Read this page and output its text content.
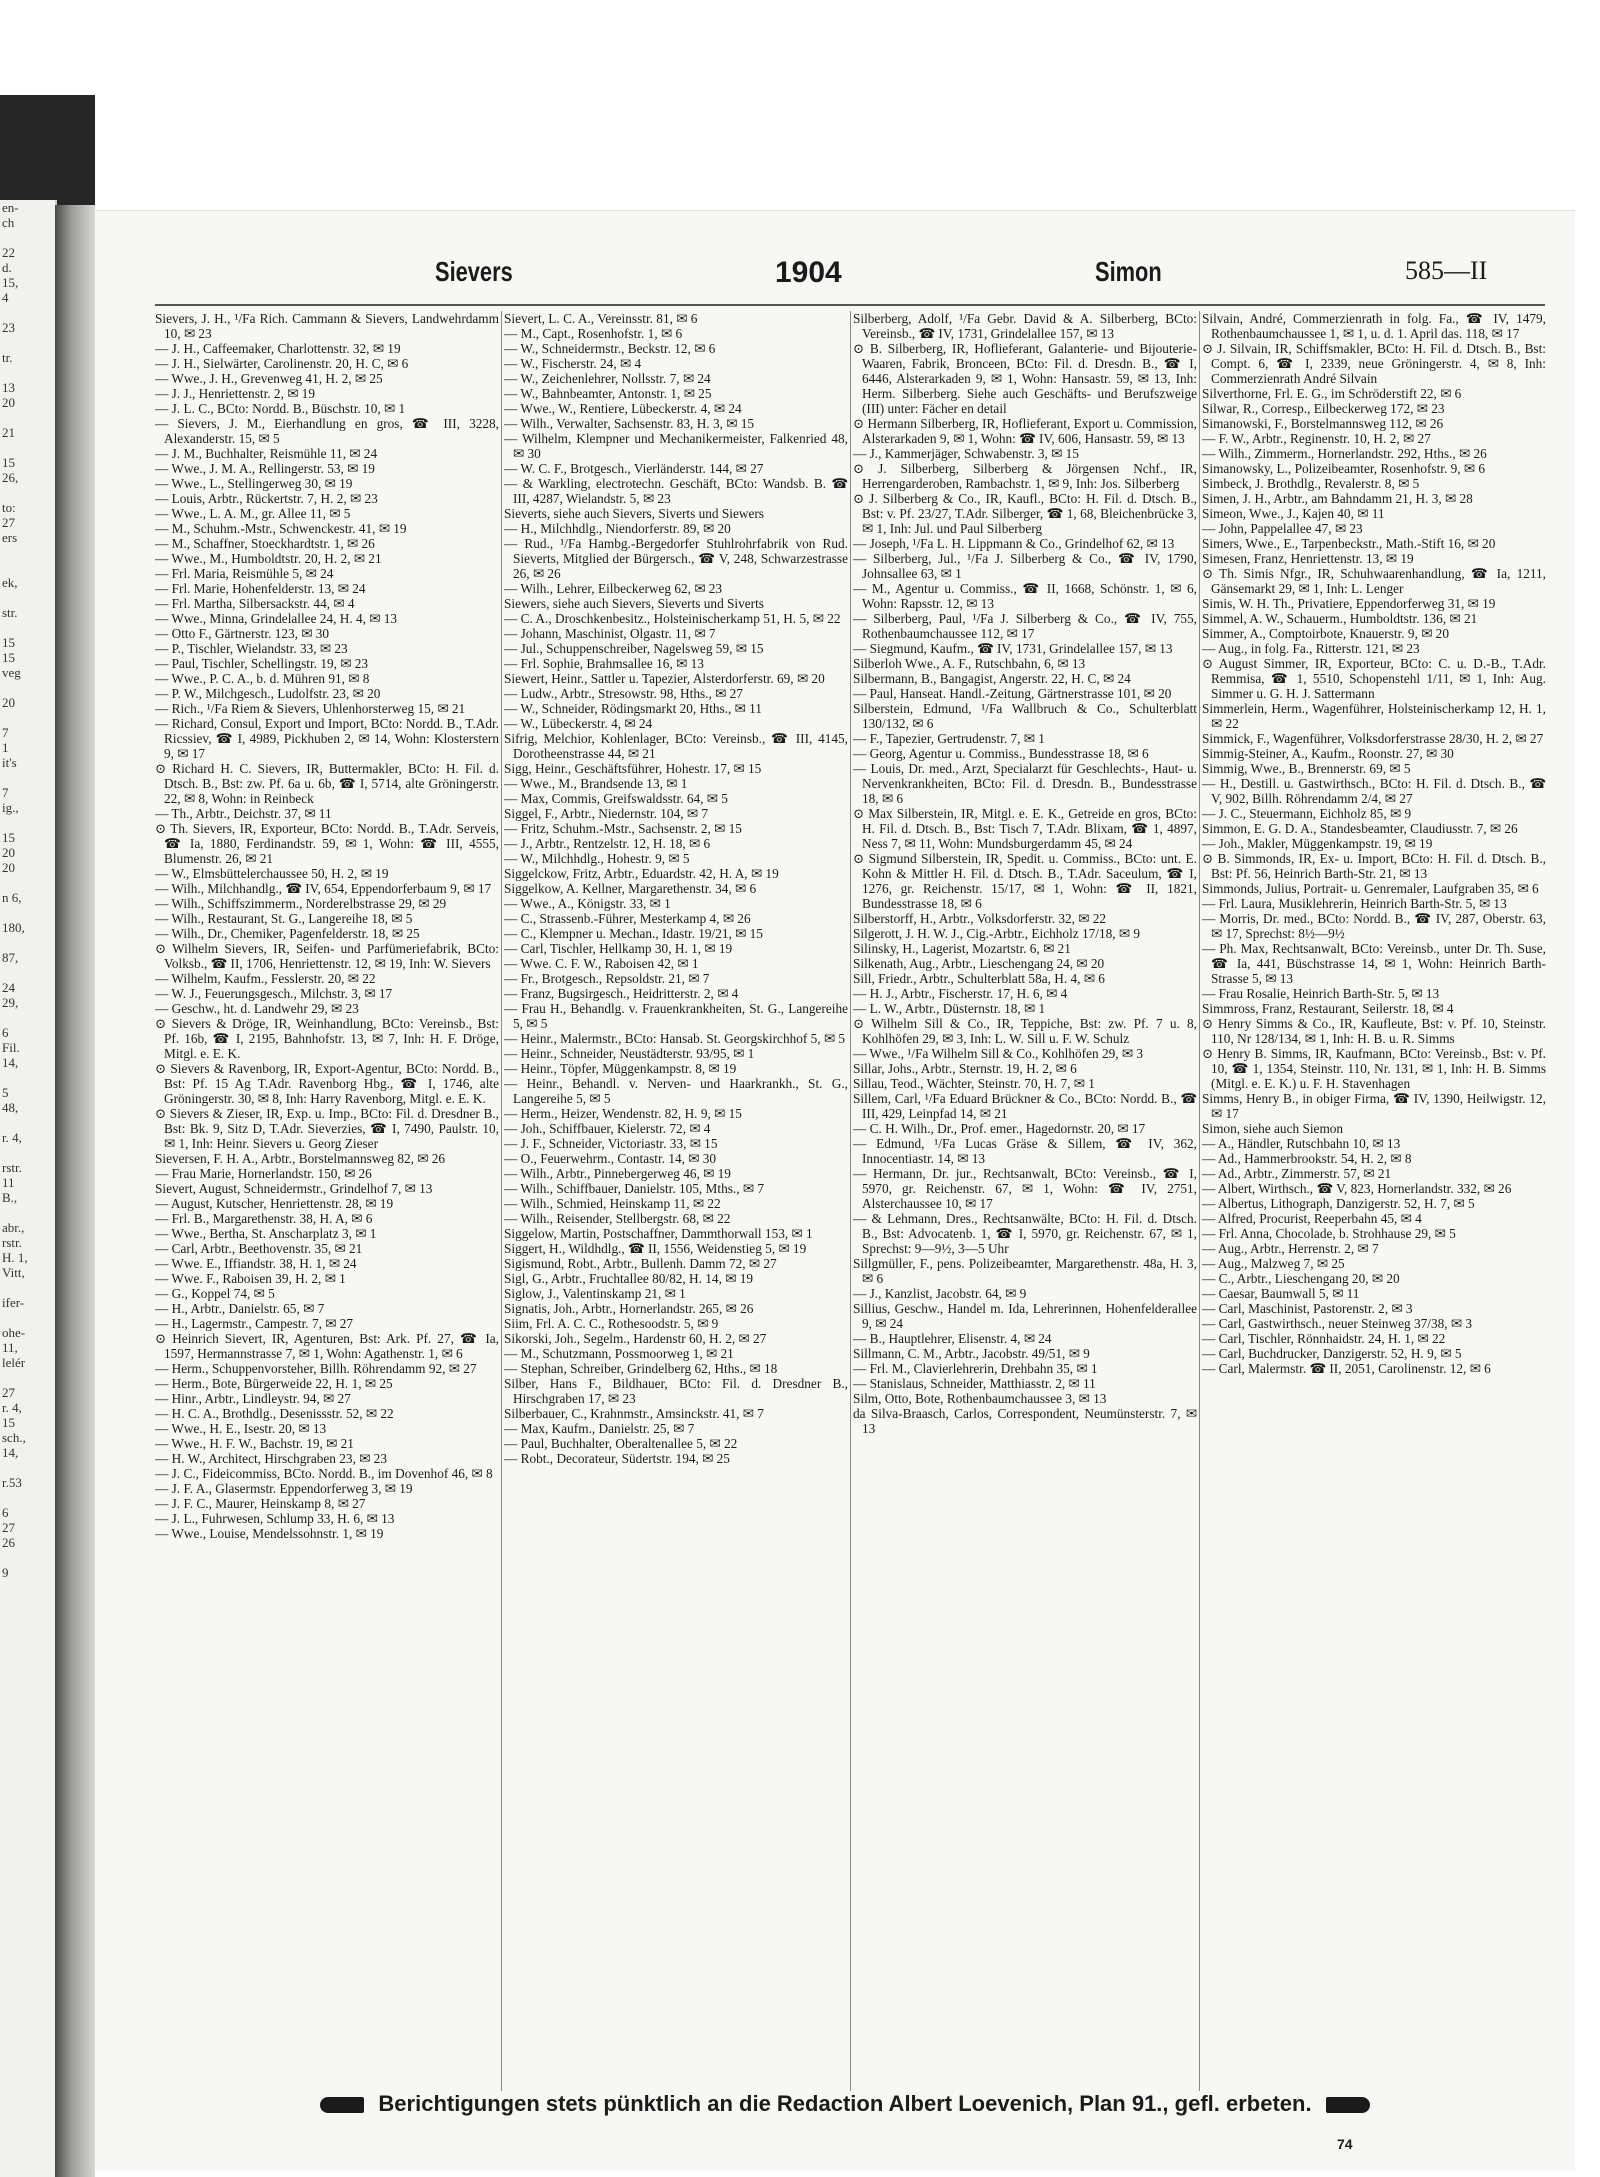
en-
ch
22
d.
15,
4
23
tr.
13
20
21
15
26,
to:
27
ers
ek,
str.
15
15
veg
20
7
1
it's
7
ig.,
15
20
20
n 6,
180,
87,
24
29,
6
Fil.
14,
5
48,
r. 4,
rstr.
11
B.,
abr.,
rstr.
H. 1,
Vitt,
ifer-
ohe-
11,
lelér
27
r. 4,
15
sch.,
14,
r.53
6
27
26
9
Sievers	1904	Simon	585—II
Sievers, J. H., ¹/Fa Rich. Cammann & Sievers, Landwehrdamm 10, ✉ 23
— J. H., Caffeemaker, Charlottenstr. 32, ✉ 19
— J. H., Sielwärter, Carolinenstr. 20, H. C, ✉ 6
— Wwe., J. H., Grevenweg 41, H. 2, ✉ 25
— J. J., Henriettenstr. 2, ✉ 19
— J. L. C., BCto: Nordd. B., Büschstr. 10, ✉ 1
— Sievers, J. M., Eierhandlung en gros, ☎ III, 3228, Alexanderstr. 15, ✉ 5
— J. M., Buchhalter, Reismühle 11, ✉ 24
— Wwe., J. M. A., Rellingerstr. 53, ✉ 19
— Wwe., L., Stellingerweg 30, ✉ 19
— Louis, Arbtr., Rückertstr. 7, H. 2, ✉ 23
— Wwe., L. A. M., gr. Allee 11, ✉ 5
— M., Schuhm.-Mstr., Schwenckestr. 41, ✉ 19
— M., Schaffner, Stoeckhardtstr. 1, ✉ 26
— Wwe., M., Humboldtstr. 20, H. 2, ✉ 21
— Frl. Maria, Reismühle 5, ✉ 24
— Frl. Marie, Hohenfelderstr. 13, ✉ 24
— Frl. Martha, Silbersackstr. 44, ✉ 4
— Wwe., Minna, Grindelallee 24, H. 4, ✉ 13
— Otto F., Gärtnerstr. 123, ✉ 30
— P., Tischler, Wielandstr. 33, ✉ 23
— Paul, Tischler, Schellingstr. 19, ✉ 23
— Wwe., P. C. A., b. d. Mühren 91, ✉ 8
— P. W., Milchgesch., Ludolfstr. 23, ✉ 20
— Rich., ¹/Fa Riem & Sievers, Uhlenhorsterweg 15, ✉ 21
— Richard, Consul, Export und Import, BCto: Nordd. B., T.Adr. Ricssiev, ☎ I, 4989, Pickhuben 2, ✉ 14, Wohn: Klosterstern 9, ✉ 17
⊙ Richard H. C. Sievers, IR, Buttermakler, BCto: H. Fil. d. Dtsch. B., Bst: zw. Pf. 6a u. 6b, ☎ I, 5714, alte Gröningerstr. 22, ✉ 8, Wohn: in Reinbeck
— Th., Arbtr., Deichstr. 37, ✉ 11
⊙ Th. Sievers, IR, Exporteur, BCto: Nordd. B., T.Adr. Serveis, ☎ Ia, 1880, Ferdinandstr. 59, ✉ 1, Wohn: ☎ III, 4555, Blumenstr. 26, ✉ 21
— W., Elmsbüttelerchaussee 50, H. 2, ✉ 19
— Wilh., Milchhandlg., ☎ IV, 654, Eppendorferbaum 9, ✉ 17
— Wilh., Schiffszimmerm., Norderelbstrasse 29, ✉ 29
— Wilh., Restaurant, St. G., Langereihe 18, ✉ 5
— Wilh., Dr., Chemiker, Pagenfelderstr. 18, ✉ 25
⊙ Wilhelm Sievers, IR, Seifen- und Parfümeriefabrik, BCto: Volksb., ☎ II, 1706, Henriettenstr. 12, ✉ 19, Inh: W. Sievers
— Wilhelm, Kaufm., Fesslerstr. 20, ✉ 22
— W. J., Feuerungsgesch., Milchstr. 3, ✉ 17
— Geschw., ht. d. Landwehr 29, ✉ 23
⊙ Sievers & Dröge, IR, Weinhandlung, BCto: Vereinsb., Bst: Pf. 16b, ☎ I, 2195, Bahnhofstr. 13, ✉ 7, Inh: H. F. Dröge, Mitgl. e. E. K.
⊙ Sievers & Ravenborg, IR, Export-Agentur, BCto: Nordd. B., Bst: Pf. 15 Ag T.Adr. Ravenborg Hbg., ☎ I, 1746, alte Gröningerstr. 30, ✉ 8, Inh: Harry Ravenborg, Mitgl. e. E. K.
⊙ Sievers & Zieser, IR, Exp. u. Imp., BCto: Fil. d. Dresdner B., Bst: Bk. 9, Sitz D, T.Adr. Sieverzies, ☎ I, 7490, Paulstr. 10, ✉ 1, Inh: Heinr. Sievers u. Georg Zieser
Sieversen, F. H. A., Arbtr., Borstelmannsweg 82, ✉ 26
— Frau Marie, Hornerlandstr. 150, ✉ 26
Sievert, August, Schneidermstr., Grindelhof 7, ✉ 13
— August, Kutscher, Henriettenstr. 28, ✉ 19
— Frl. B., Margarethenstr. 38, H. A, ✉ 6
— Wwe., Bertha, St. Anscharplatz 3, ✉ 1
— Carl, Arbtr., Beethovenstr. 35, ✉ 21
— Wwe. E., Iffiandstr. 38, H. 1, ✉ 24
— Wwe. F., Raboisen 39, H. 2, ✉ 1
— G., Koppel 74, ✉ 5
— H., Arbtr., Danielstr. 65, ✉ 7
— H., Lagermstr., Campestr. 7, ✉ 27
⊙ Heinrich Sievert, IR, Agenturen, Bst: Ark. Pf. 27, ☎ Ia, 1597, Hermannstrasse 7, ✉ 1, Wohn: Agathenstr. 1, ✉ 6
— Herm., Schuppenvorsteher, Billh. Röhrendamm 92, ✉ 27
— Herm., Bote, Bürgerweide 22, H. 1, ✉ 25
— Hinr., Arbtr., Lindleystr. 94, ✉ 27
— H. C. A., Brothdlg., Desenissstr. 52, ✉ 22
— Wwe., H. E., Isestr. 20, ✉ 13
— Wwe., H. F. W., Bachstr. 19, ✉ 21
— H. W., Architect, Hirschgraben 23, ✉ 23
— J. C., Fideicommiss, BCto. Nordd. B., im Dovenhof 46, ✉ 8
— J. F. A., Glasermstr. Eppendorferweg 3, ✉ 19
— J. F. C., Maurer, Heinskamp 8, ✉ 27
— J. L., Fuhrwesen, Schlump 33, H. 6, ✉ 13
— Wwe., Louise, Mendelssohnstr. 1, ✉ 19
Sievert, L. C. A., Vereinsstr. 81, ✉ 6
— M., Capt., Rosenhofstr. 1, ✉ 6
— W., Schneidermstr., Beckstr. 12, ✉ 6
— W., Fischerstr. 24, ✉ 4
— W., Zeichenlehrer, Nollsstr. 7, ✉ 24
— W., Bahnbeamter, Antonstr. 1, ✉ 25
— Wwe., W., Rentiere, Lübeckerstr. 4, ✉ 24
— Wilh., Verwalter, Sachsenstr. 83, H. 3, ✉ 15
— Wilhelm, Klempner und Mechanikermeister, Falkenried 48, ✉ 30
— W. C. F., Brotgesch., Vierländerstr. 144, ✉ 27
— & Warkling, electrotechn. Geschäft, BCto: Wandsb. B. ☎ III, 4287, Wielandstr. 5, ✉ 23
Sieverts, siehe auch Sievers, Siverts und Siewers
— H., Milchhdlg., Niendorferstr. 89, ✉ 20
— Rud., ¹/Fa Hambg.-Bergedorfer Stuhlrohrfabrik von Rud. Sieverts, Mitglied der Bürgersch., ☎ V, 248, Schwarzestrasse 26, ✉ 26
— Wilh., Lehrer, Eilbeckerweg 62, ✉ 23
Siewers, siehe auch Sievers, Sieverts und Siverts
— C. A., Droschkenbesitz., Holsteinischerkamp 51, H. 5, ✉ 22
— Johann, Maschinist, Olgastr. 11, ✉ 7
— Jul., Schuppenschreiber, Nagelsweg 59, ✉ 15
— Frl. Sophie, Brahmsallee 16, ✉ 13
Siewert, Heinr., Sattler u. Tapezier, Alsterdorferstr. 69, ✉ 20
— Ludw., Arbtr., Stresowstr. 98, Hths., ✉ 27
— W., Schneider, Rödingsmarkt 20, Hths., ✉ 11
— W., Lübeckerstr. 4, ✉ 24
Sifrig, Melchior, Kohlenlager, BCto: Vereinsb., ☎ III, 4145, Dorotheenstrasse 44, ✉ 21
Sigg, Heinr., Geschäftsführer, Hohestr. 17, ✉ 15
— Wwe., M., Brandsende 13, ✉ 1
— Max, Commis, Greifswaldsstr. 64, ✉ 5
Siggel, F., Arbtr., Niedernstr. 104, ✉ 7
— Fritz, Schuhm.-Mstr., Sachsenstr. 2, ✉ 15
— J., Arbtr., Rentzelstr. 12, H. 18, ✉ 6
— W., Milchhdlg., Hohestr. 9, ✉ 5
Siggelckow, Fritz, Arbtr., Eduardstr. 42, H. A, ✉ 19
Siggelkow, A. Kellner, Margarethenstr. 34, ✉ 6
— Wwe., A., Königstr. 33, ✉ 1
— C., Strassenb.-Führer, Mesterkamp 4, ✉ 26
— C., Klempner u. Mechan., Idastr. 19/21, ✉ 15
— Carl, Tischler, Hellkamp 30, H. 1, ✉ 19
— Wwe. C. F. W., Raboisen 42, ✉ 1
— Fr., Brotgesch., Repsoldstr. 21, ✉ 7
— Franz, Bugsirgesch., Heidritterstr. 2, ✉ 4
— Frau H., Behandlg. v. Frauenkrankheiten, St. G., Langereihe 5, ✉ 5
— Heinr., Malermstr., BCto: Hansab. St. Georgskirchhof 5, ✉ 5
— Heinr., Schneider, Neustädterstr. 93/95, ✉ 1
— Heinr., Töpfer, Müggenkampstr. 8, ✉ 19
— Heinr., Behandl. v. Nerven- und Haarkrankh., St. G., Langereihe 5, ✉ 5
— Herm., Heizer, Wendenstr. 82, H. 9, ✉ 15
— Joh., Schiffbauer, Kielerstr. 72, ✉ 4
— J. F., Schneider, Victoriastr. 33, ✉ 15
— O., Feuerwehrm., Contastr. 14, ✉ 30
— Wilh., Arbtr., Pinnebergerweg 46, ✉ 19
— Wilh., Schiffbauer, Danielstr. 105, Mths., ✉ 7
— Wilh., Schmied, Heinskamp 11, ✉ 22
— Wilh., Reisender, Stellbergstr. 68, ✉ 22
Siggelow, Martin, Postschaffner, Dammthorwall 153, ✉ 1
Siggert, H., Wildhdlg., ☎ II, 1556, Weidenstieg 5, ✉ 19
Sigismund, Robt., Arbtr., Bullenh. Damm 72, ✉ 27
Sigl, G., Arbtr., Fruchtallee 80/82, H. 14, ✉ 19
Siglow, J., Valentinskamp 21, ✉ 1
Signatis, Joh., Arbtr., Hornerlandstr. 265, ✉ 26
Siim, Frl. A. C. C., Rothesoodstr. 5, ✉ 9
Sikorski, Joh., Segelm., Hardenstr 60, H. 2, ✉ 27
— M., Schutzmann, Possmoorweg 1, ✉ 21
— Stephan, Schreiber, Grindelberg 62, Hths., ✉ 18
Silber, Hans F., Bildhauer, BCto: Fil. d. Dresdner B., Hirschgraben 17, ✉ 23
Silberbauer, C., Krahnmstr., Amsinckstr. 41, ✉ 7
— Max, Kaufm., Danielstr. 25, ✉ 7
— Paul, Buchhalter, Oberaltenallee 5, ✉ 22
— Robt., Decorateur, Südertstr. 194, ✉ 25
Silberberg, Adolf, ¹/Fa Gebr. David & A. Silberberg, BCto: Vereinsb., ☎ IV, 1731, Grindelallee 157, ✉ 13
⊙ B. Silberberg, IR, Hoflieferant, Galanterie- und Bijouterie-Waaren, Fabrik, Bronceen, BCto: Fil. d. Dresdn. B., ☎ I, 6446, Alsterarkaden 9, ✉ 1, Wohn: Hansastr. 59, ✉ 13, Inh: Herm. Silberberg. Siehe auch Geschäfts- und Berufszweige (III) unter: Fächer en detail
⊙ Hermann Silberberg, IR, Hoflieferant, Export u. Commission, Alsterarkaden 9, ✉ 1, Wohn: ☎ IV, 606, Hansastr. 59, ✉ 13
— J., Kammerjäger, Schwabenstr. 3, ✉ 15
⊙ J. Silberberg, Silberberg & Jörgensen Nchf., IR, Herrengarderoben, Rambachstr. 1, ✉ 9, Inh: Jos. Silberberg
⊙ J. Silberberg & Co., IR, Kaufl., BCto: H. Fil. d. Dtsch. B., Bst: v. Pf. 23/27, T.Adr. Silberger, ☎ 1, 68, Bleichenbrücke 3, ✉ 1, Inh: Jul. und Paul Silberberg
— Joseph, ¹/Fa L. H. Lippmann & Co., Grindelhof 62, ✉ 13
— Silberberg, Jul., ¹/Fa J. Silberberg & Co., ☎ IV, 1790, Johnsallee 63, ✉ 1
— M., Agentur u. Commiss., ☎ II, 1668, Schönstr. 1, ✉ 6, Wohn: Rapsstr. 12, ✉ 13
— Silberberg, Paul, ¹/Fa J. Silberberg & Co., ☎ IV, 755, Rothenbaumchaussee 112, ✉ 17
— Siegmund, Kaufm., ☎ IV, 1731, Grindelallee 157, ✉ 13
Silberloh Wwe., A. F., Rutschbahn, 6, ✉ 13
Silbermann, B., Bangagist, Angerstr. 22, H. C, ✉ 24
— Paul, Hanseat. Handl.-Zeitung, Gärtnerstrasse 101, ✉ 20
Silberstein, Edmund, ¹/Fa Wallbruch & Co., Schulterblatt 130/132, ✉ 6
— F., Tapezier, Gertrudenstr. 7, ✉ 1
— Georg, Agentur u. Commiss., Bundesstrasse 18, ✉ 6
— Louis, Dr. med., Arzt, Specialarzt für Geschlechts-, Haut- u. Nervenkrankheiten, BCto: Fil. d. Dresdn. B., Bundesstrasse 18, ✉ 6
⊙ Max Silberstein, IR, Mitgl. e. E. K., Getreide en gros, BCto: H. Fil. d. Dtsch. B., Bst: Tisch 7, T.Adr. Blixam, ☎ 1, 4897, Ness 7, ✉ 11, Wohn: Mundsburgerdamm 45, ✉ 24
⊙ Sigmund Silberstein, IR, Spedit. u. Commiss., BCto: unt. E. Kohn & Mittler H. Fil. d. Dtsch. B., T.Adr. Saceulum, ☎ I, 1276, gr. Reichenstr. 15/17, ✉ 1, Wohn: ☎ II, 1821, Bundesstrasse 18, ✉ 6
Silberstorff, H., Arbtr., Volksdorferstr. 32, ✉ 22
Silgerott, J. H. W. J., Cig.-Arbtr., Eichholz 17/18, ✉ 9
Silinsky, H., Lagerist, Mozartstr. 6, ✉ 21
Silkenath, Aug., Arbtr., Lieschengang 24, ✉ 20
Sill, Friedr., Arbtr., Schulterblatt 58a, H. 4, ✉ 6
— H. J., Arbtr., Fischerstr. 17, H. 6, ✉ 4
— L. W., Arbtr., Düsternstr. 18, ✉ 1
⊙ Wilhelm Sill & Co., IR, Teppiche, Bst: zw. Pf. 7 u. 8, Kohlhöfen 29, ✉ 3, Inh: L. W. Sill u. F. W. Schulz
— Wwe., ¹/Fa Wilhelm Sill & Co., Kohlhöfen 29, ✉ 3
Sillar, Johs., Arbtr., Sternstr. 19, H. 2, ✉ 6
Sillau, Teod., Wächter, Steinstr. 70, H. 7, ✉ 1
Sillem, Carl, ¹/Fa Eduard Brückner & Co., BCto: Nordd. B., ☎ III, 429, Leinpfad 14, ✉ 21
— C. H. Wilh., Dr., Prof. emer., Hagedornstr. 20, ✉ 17
— Edmund, ¹/Fa Lucas Gräse & Sillem, ☎ IV, 362, Innocentiastr. 14, ✉ 13
— Hermann, Dr. jur., Rechtsanwalt, BCto: Vereinsb., ☎ I, 5970, gr. Reichenstr. 67, ✉ 1, Wohn: ☎ IV, 2751, Alsterchaussee 10, ✉ 17
— & Lehmann, Dres., Rechtsanwälte, BCto: H. Fil. d. Dtsch. B., Bst: Advocatenb. 1, ☎ I, 5970, gr. Reichenstr. 67, ✉ 1, Sprechst: 9—9½, 3—5 Uhr
Sillgmüller, F., pens. Polizeibeamter, Margarethenstr. 48a, H. 3, ✉ 6
— J., Kanzlist, Jacobstr. 64, ✉ 9
Sillius, Geschw., Handel m. Ida, Lehrerinnen, Hohenfelderallee 9, ✉ 24
— B., Hauptlehrer, Elisenstr. 4, ✉ 24
Sillmann, C. M., Arbtr., Jacobstr. 49/51, ✉ 9
— Frl. M., Clavierlehrerin, Drehbahn 35, ✉ 1
— Stanislaus, Schneider, Matthiasstr. 2, ✉ 11
Silm, Otto, Bote, Rothenbaumchaussee 3, ✉ 13
da Silva-Braasch, Carlos, Correspondent, Neumünsterstr. 7, ✉ 13
Silvain, André, Commerzienrath in folg. Fa., ☎ IV, 1479, Rothenbaumchaussee 1, ✉ 1, u. d. 1. April das. 118, ✉ 17
⊙ J. Silvain, IR, Schiffsmakler, BCto: H. Fil. d. Dtsch. B., Bst: Compt. 6, ☎ I, 2339, neue Gröningerstr. 4, ✉ 8, Inh: Commerzienrath André Silvain
Silverthorne, Frl. E. G., im Schröderstift 22, ✉ 6
Silwar, R., Corresp., Eilbeckerweg 172, ✉ 23
Simanowski, F., Borstelmannsweg 112, ✉ 26
— F. W., Arbtr., Reginenstr. 10, H. 2, ✉ 27
— Wilh., Zimmerm., Hornerlandstr. 292, Hths., ✉ 26
Simanowsky, L., Polizeibeamter, Rosenhofstr. 9, ✉ 6
Simbeck, J. Brothdlg., Revalerstr. 8, ✉ 5
Simen, J. H., Arbtr., am Bahndamm 21, H. 3, ✉ 28
Simeon, Wwe., J., Kajen 40, ✉ 11
— John, Pappelallee 47, ✉ 23
Simers, Wwe., E., Tarpenbeckstr., Math.-Stift 16, ✉ 20
Simesen, Franz, Henriettenstr. 13, ✉ 19
⊙ Th. Simis Nfgr., IR, Schuhwaarenhandlung, ☎ Ia, 1211, Gänsemarkt 29, ✉ 1, Inh: L. Lenger
Simis, W. H. Th., Privatiere, Eppendorferweg 31, ✉ 19
Simmel, A. W., Schauerm., Humboldtstr. 136, ✉ 21
Simmer, A., Comptoirbote, Knauerstr. 9, ✉ 20
— Aug., in folg. Fa., Ritterstr. 121, ✉ 23
⊙ August Simmer, IR, Exporteur, BCto: C. u. D.-B., T.Adr. Remmisa, ☎ 1, 5510, Schopenstehl 1/11, ✉ 1, Inh: Aug. Simmer u. G. H. J. Sattermann
Simmerlein, Herm., Wagenführer, Holsteinischerkamp 12, H. 1, ✉ 22
Simmick, F., Wagenführer, Volksdorferstrasse 28/30, H. 2, ✉ 27
Simmig-Steiner, A., Kaufm., Roonstr. 27, ✉ 30
Simmig, Wwe., B., Brennerstr. 69, ✉ 5
— H., Destill. u. Gastwirthsch., BCto: H. Fil. d. Dtsch. B., ☎ V, 902, Billh. Röhrendamm 2/4, ✉ 27
— J. C., Steuermann, Eichholz 85, ✉ 9
Simmon, E. G. D. A., Standesbeamter, Claudiusstr. 7, ✉ 26
— Joh., Makler, Müggenkampstr. 19, ✉ 19
⊙ B. Simmonds, IR, Ex- u. Import, BCto: H. Fil. d. Dtsch. B., Bst: Pf. 56, Heinrich Barth-Str. 21, ✉ 13
Simmonds, Julius, Portrait- u. Genremaler, Laufgraben 35, ✉ 6
— Frl. Laura, Musiklehrerin, Heinrich Barth-Str. 5, ✉ 13
— Morris, Dr. med., BCto: Nordd. B., ☎ IV, 287, Oberstr. 63, ✉ 17, Sprechst: 8½—9½
— Ph. Max, Rechtsanwalt, BCto: Vereinsb., unter Dr. Th. Suse, ☎ Ia, 441, Büschstrasse 14, ✉ 1, Wohn: Heinrich Barth-Strasse 5, ✉ 13
— Frau Rosalie, Heinrich Barth-Str. 5, ✉ 13
Simmross, Franz, Restaurant, Seilerstr. 18, ✉ 4
⊙ Henry Simms & Co., IR, Kaufleute, Bst: v. Pf. 10, Steinstr. 110, Nr 128/134, ✉ 1, Inh: H. B. u. R. Simms
⊙ Henry B. Simms, IR, Kaufmann, BCto: Vereinsb., Bst: v. Pf. 10, ☎ 1, 1354, Steinstr. 110, Nr. 131, ✉ 1, Inh: H. B. Simms (Mitgl. e. E. K.) u. F. H. Stavenhagen
Simms, Henry B., in obiger Firma, ☎ IV, 1390, Heilwigstr. 12, ✉ 17
Simon, siehe auch Siemon
— A., Händler, Rutschbahn 10, ✉ 13
— Ad., Hammerbrookstr. 54, H. 2, ✉ 8
— Ad., Arbtr., Zimmerstr. 57, ✉ 21
— Albert, Wirthsch., ☎ V, 823, Hornerlandstr. 332, ✉ 26
— Albertus, Lithograph, Danzigerstr. 52, H. 7, ✉ 5
— Alfred, Procurist, Reeperbahn 45, ✉ 4
— Frl. Anna, Chocolade, b. Strohhause 29, ✉ 5
— Aug., Arbtr., Herrenstr. 2, ✉ 7
— Aug., Malzweg 7, ✉ 25
— C., Arbtr., Lieschengang 20, ✉ 20
— Caesar, Baumwall 5, ✉ 11
— Carl, Maschinist, Pastorenstr. 2, ✉ 3
— Carl, Gastwirthsch., neuer Steinweg 37/38, ✉ 3
— Carl, Tischler, Rönnhaidstr. 24, H. 1, ✉ 22
— Carl, Buchdrucker, Danzigerstr. 52, H. 9, ✉ 5
— Carl, Malermstr. ☎ II, 2051, Carolinenstr. 12, ✉ 6
Berichtigungen stets pünktlich an die Redaction Albert Loevenich, Plan 91., gefl. erbeten.
74
